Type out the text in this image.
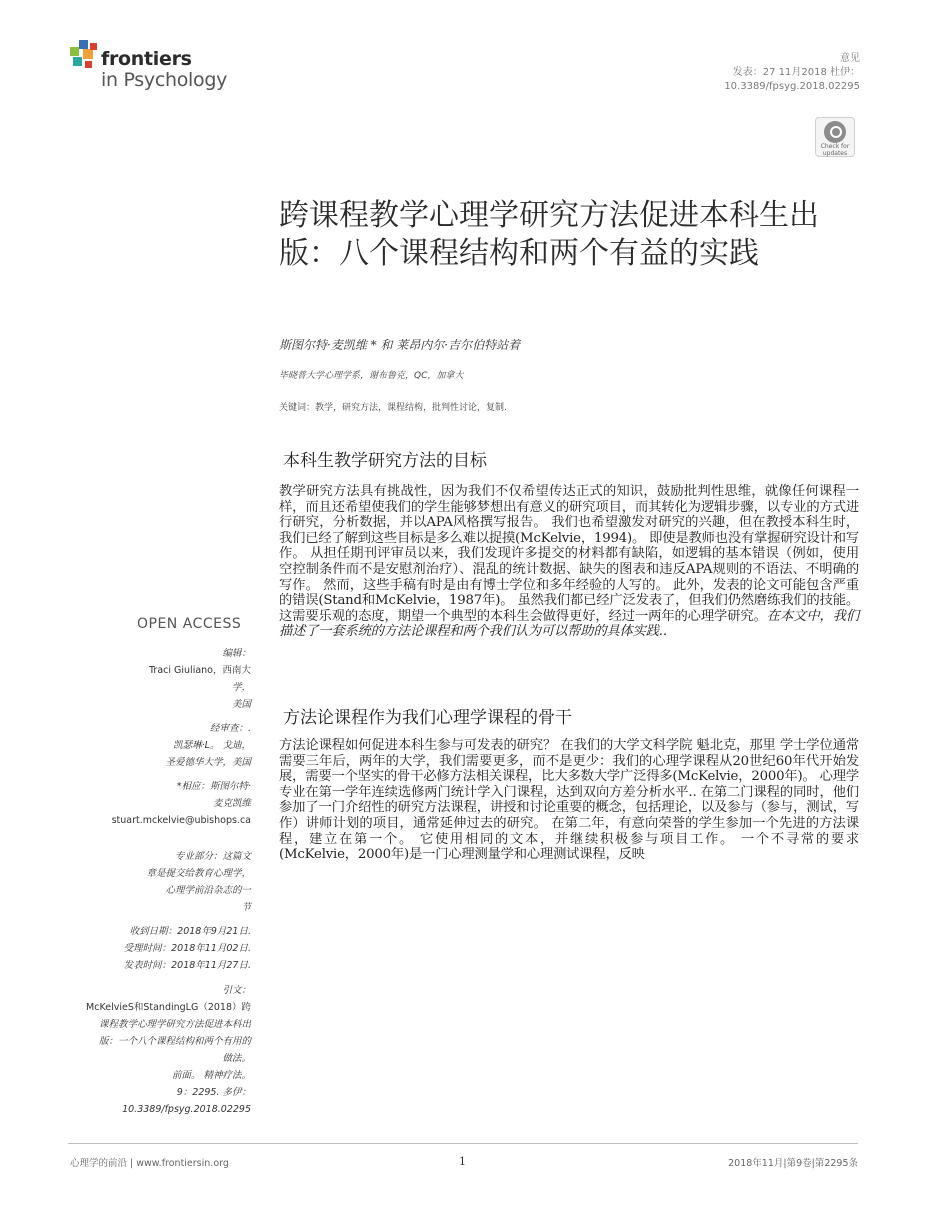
frontiers
in Psychology
意见
发表：27 11月2018 杜伊：
10.3389/fpsyg.2018.02295
Check for
updates
跨课程教学心理学研究方法促进本科生出版：八个课程结构和两个有益的实践
斯图尔特·麦凯维 * 和 莱昂内尔·吉尔伯特站着
毕晓普大学心理学系，谢布鲁克，QC，加拿大
关键词：教学，研究方法，课程结构，批判性讨论，复制.
本科生教学研究方法的目标
教学研究方法具有挑战性，因为我们不仅希望传达正式的知识，鼓励批判性思维，就像任何课程一样，而且还希望使我们的学生能够梦想出有意义的研究项目，而其转化为逻辑步骤，以专业的方式进行研究，分析数据，并以APA风格撰写报告。 我们也希望激发对研究的兴趣，但在教授本科生时，我们已经了解到这些目标是多么难以捉摸(McKelvie，1994)。 即使是教师也没有掌握研究设计和写作。 从担任期刊评审员以来，我们发现许多提交的材料都有缺陷，如逻辑的基本错误（例如，使用空控制条件而不是安慰剂治疗）、混乱的统计数据、缺失的图表和违反APA规则的不语法、不明确的写作。 然而，这些手稿有时是由有博士学位和多年经验的人写的。 此外，发表的论文可能包含严重的错误(Stand和McKelvie，1987年)。 虽然我们都已经广泛发表了，但我们仍然磨练我们的技能。 这需要乐观的态度，期望一个典型的本科生会做得更好，经过一两年的心理学研究。在本文中，我们描述了一套系统的方法论课程和两个我们认为可以帮助的具体实践..
方法论课程作为我们心理学课程的骨干
方法论课程如何促进本科生参与可发表的研究？ 在我们的大学文科学院 魁北克，那里 学士学位通常需要三年后，两年的大学，我们需要更多，而不是更少：我们的心理学课程从20世纪60年代开始发展，需要一个坚实的骨干必修方法相关课程，比大多数大学广泛得多(McKelvie，2000年)。 心理学专业在第一学年连续选修两门统计学入门课程，达到双向方差分析水平.. 在第二门课程的同时，他们参加了一门介绍性的研究方法课程，讲授和讨论重要的概念，包括理论，以及参与（参与，测试，写作）讲师计划的项目，通常延伸过去的研究。 在第二年，有意向荣誉的学生参加一个先进的方法课程，建立在第一个。 它使用相同的文本，并继续积极参与项目工作。 一个不寻常的要求(McKelvie，2000年)是一门心理测量学和心理测试课程，反映
OPEN ACCESS
编辑：
Traci Giuliano，西南大
学，
美国
经审查：.
凯瑟琳·L。 戈迪，
圣爱德华大学，美国
*相应：斯图尔特·
麦克凯维
stuart.mckelvie@ubishops.ca
专业部分：这篇文
章是提交给教育心理学，
心理学前沿杂志的一
节
收到日期：2018年9月21日.
受理时间：2018年11月02日.
发表时间：2018年11月27日.
引文：
McKelvieS和StandingLG（2018）跨
课程教学心理学研究方法促进本科出
版：一个八个课程结构和两个有用的
做法。
前面。 精神疗法。
9：2295. 多伊：
10.3389/fpsyg.2018.02295
心理学的前沿 | www.frontiersin.org	1	2018年11月|第9卷|第2295条
